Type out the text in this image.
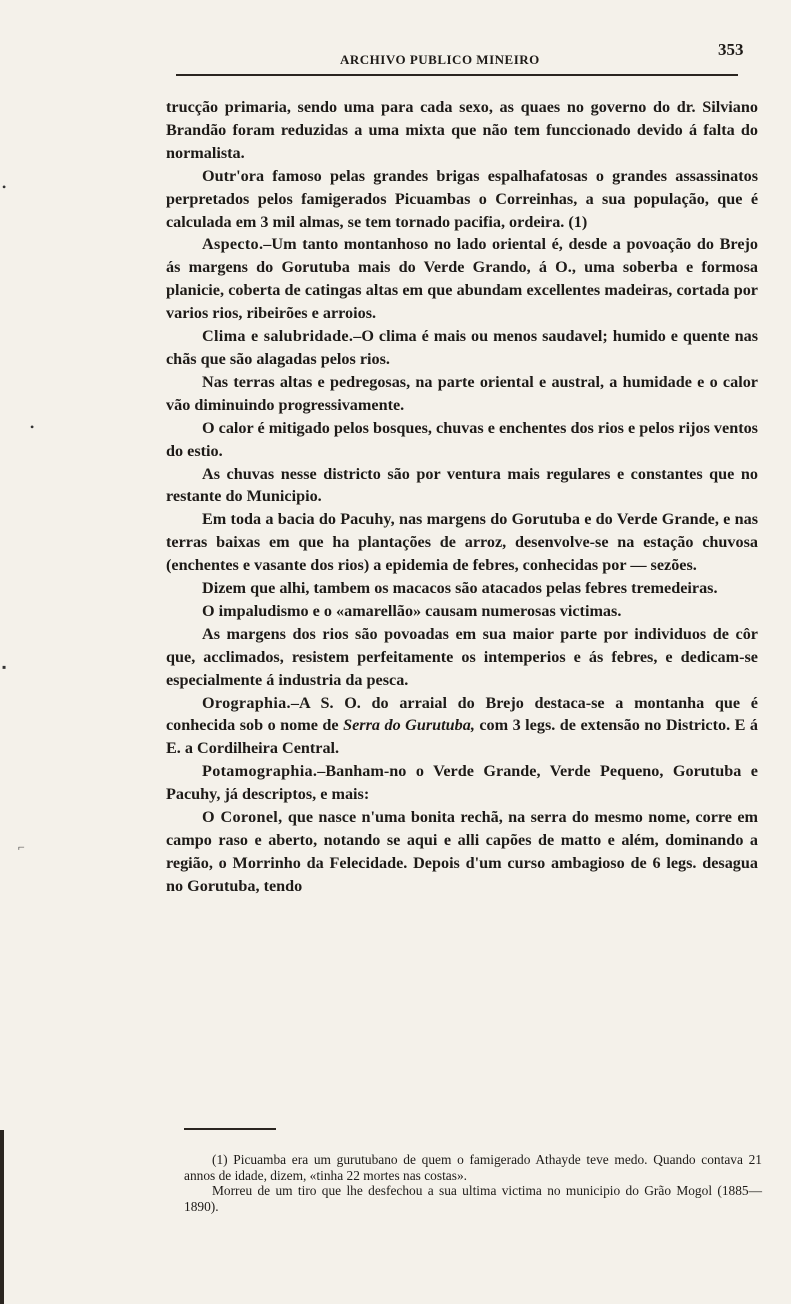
ARCHIVO PUBLICO MINEIRO
353
•
•
▪
⌐

trucção primaria, sendo uma para cada sexo, as quaes no governo do dr. Silviano Brandão foram reduzidas a uma mixta que não tem funccionado devido á falta do normalista.

Outr'ora famoso pelas grandes brigas espalhafatosas o grandes assassinatos perpretados pelos famigerados Picuambas o Correinhas, a sua população, que é calculada em 3 mil almas, se tem tornado pacifia, ordeira. (1)

Aspecto.–Um tanto montanhoso no lado oriental é, desde a povoação do Brejo ás margens do Gorutuba mais do Verde Grando, á O., uma soberba e formosa planicie, coberta de catingas altas em que abundam excellentes madeiras, cortada por varios rios, ribeirões e arroios.

Clima e salubridade.–O clima é mais ou menos saudavel; humido e quente nas chãs que são alagadas pelos rios.

Nas terras altas e pedregosas, na parte oriental e austral, a humidade e o calor vão diminuindo progressivamente.

O calor é mitigado pelos bosques, chuvas e enchentes dos rios e pelos rijos ventos do estio.

As chuvas nesse districto são por ventura mais regulares e constantes que no restante do Municipio.

Em toda a bacia do Pacuhy, nas margens do Gorutuba e do Verde Grande, e nas terras baixas em que ha plantações de arroz, desenvolve-se na estação chuvosa (enchentes e vasante dos rios) a epidemia de febres, conhecidas por — sezões.

Dizem que alhi, tambem os macacos são atacados pelas febres tremedeiras.

O impaludismo e o «amarellão» causam numerosas victimas.

As margens dos rios são povoadas em sua maior parte por individuos de côr que, acclimados, resistem perfeitamente os intemperios e ás febres, e dedicam-se especialmente á industria da pesca.

Orographia.–A S. O. do arraial do Brejo destaca-se a montanha que é conhecida sob o nome de Serra do Gurutuba, com 3 legs. de extensão no Districto. E á E. a Cordilheira Central.

Potamographia.–Banham-no o Verde Grande, Verde Pequeno, Gorutuba e Pacuhy, já descriptos, e mais:

O Coronel, que nasce n'uma bonita rechã, na serra do mesmo nome, corre em campo raso e aberto, notando se aqui e alli capões de matto e além, dominando a região, o Morrinho da Felecidade. Depois d'um curso ambagioso de 6 legs. desagua no Gorutuba, tendo

(1) Picuamba era um gurutubano de quem o famigerado Athayde teve medo. Quando contava 21 annos de idade, dizem, «tinha 22 mortes nas costas».

Morreu de um tiro que lhe desfechou a sua ultima victima no municipio do Grão Mogol (1885—1890).
